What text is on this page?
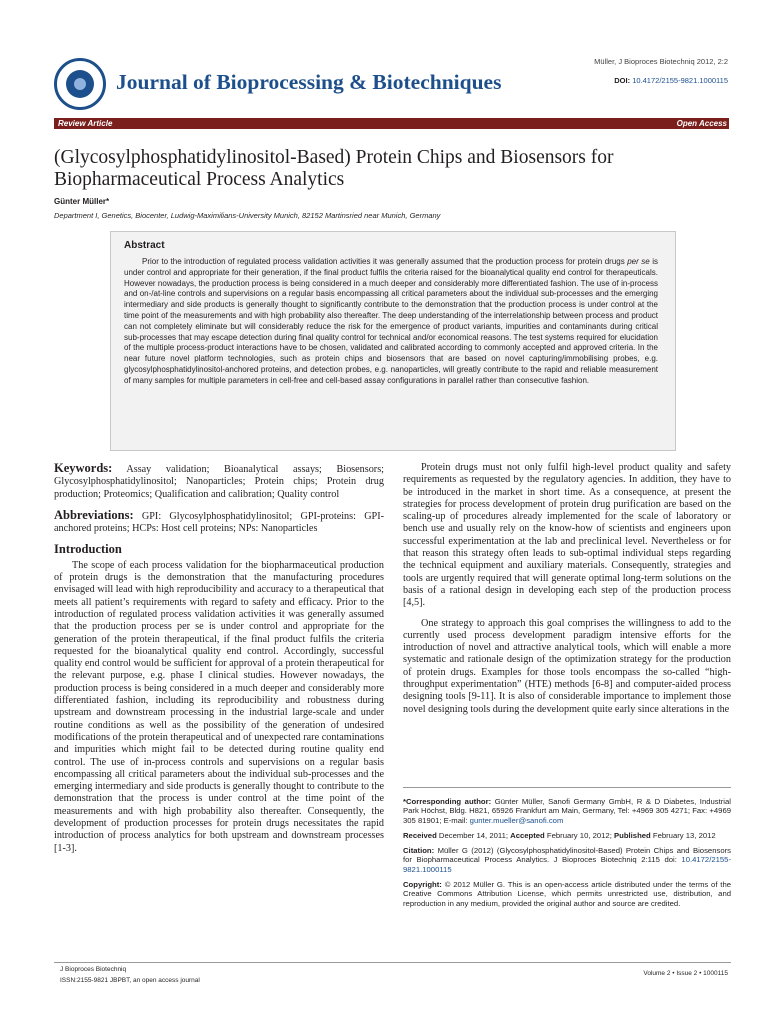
Journal of Bioprocessing & Biotechniques
Müller, J Bioproces Biotechniq 2012, 2:2
DOI: 10.4172/2155-9821.1000115
Review Article	Open Access
(Glycosylphosphatidylinositol-Based) Protein Chips and Biosensors for Biopharmaceutical Process Analytics
Günter Müller*
Department I, Genetics, Biocenter, Ludwig-Maximilians-University Munich, 82152 Martinsried near Munich, Germany
Abstract

Prior to the introduction of regulated process validation activities it was generally assumed that the production process for protein drugs per se is under control and appropriate for their generation, if the final product fulfils the criteria raised for the bioanalytical quality end control for therapeuticals. However nowadays, the production process is being considered in a much deeper and considerably more differentiated fashion. The use of in-process and on-/at-line controls and supervisions on a regular basis encompassing all critical parameters about the individual sub-processes and the emerging intermediary and side products is generally thought to significantly contribute to the demonstration that the production process is under control at the time point of the measurements and with high probability also thereafter. The deep understanding of the interrelationship between process and product can not completely eliminate but will considerably reduce the risk for the emergence of product variants, impurities and contaminants during critical sub-processes that may escape detection during final quality control for technical and/or economical reasons. The test systems required for elucidation of the multiple process-product interactions have to be chosen, validated and calibrated according to commonly accepted and approved criteria. In the near future novel platform technologies, such as protein chips and biosensors that are based on novel capturing/immobilising probes, e.g. glycosylphosphatidylinositol-anchored proteins, and detection probes, e.g. nanoparticles, will greatly contribute to the rapid and reliable measurement of many samples for multiple parameters in cell-free and cell-based assay configurations in parallel rather than consecutive fashion.

Keywords: Assay validation; Bioanalytical assays; Biosensors; Glycosylphosphatidylinositol; Nanoparticles; Protein chips; Protein drug production; Proteomics; Qualification and calibration; Quality control

Abbreviations: GPI: Glycosylphosphatidylinositol; GPI-proteins: GPI-anchored proteins; HCPs: Host cell proteins; NPs: Nanoparticles

Introduction

The scope of each process validation for the biopharmaceutical production of protein drugs is the demonstration that the manufacturing procedures envisaged will lead with high reproducibility and accuracy to a therapeutical that meets all patient’s requirements with regard to safety and efficacy. Prior to the introduction of regulated process validation activities it was generally assumed that the production process per se is under control and appropriate for the generation of the protein therapeutical, if the final product fulfils the criteria requested for the bioanalytical quality end control. Accordingly, successful quality end control would be sufficient for approval of a protein therapeutical for the relevant purpose, e.g. phase I clinical studies. However nowadays, the production process is being considered in a much deeper and considerably more differentiated fashion, including its reproducibility and robustness during upstream and downstream processing in the industrial large-scale and under routine conditions as well as the possibility of the generation of undesired modifications of the protein therapeutical and of unexpected rare contaminations and impurities which might fail to be detected during routine quality end control. The use of in-process controls and supervisions on a regular basis encompassing all critical parameters about the individual sub-processes and the emerging intermediary and side products is generally thought to contribute to the demonstration that the process is under control at the time point of the measurements and with high probability also thereafter. Consequently, the development of production processes for protein drugs necessitates the rapid introduction of process analytics for both upstream and downstream processes [1-3].

Protein drugs must not only fulfil high-level product quality and safety requirements as requested by the regulatory agencies. In addition, they have to be introduced in the market in short time. As a consequence, at present the strategies for process development of protein drug purification are based on the scaling-up of procedures already implemented for the scale of laboratory or bench use and usually rely on the know-how of scientists and engineers upon successful experimentation at the lab and preclinical level. Nevertheless or for that reason this strategy often leads to sub-optimal individual steps regarding the technical equipment and auxiliary materials. Consequently, strategies and tools are urgently required that will generate optimal long-term solutions on the basis of a rational design in developing each step of the production process [4,5].

One strategy to approach this goal comprises the willingness to add to the currently used process development paradigm intensive efforts for the introduction of novel and attractive analytical tools, which will enable a more systematic and rationale design of the optimization strategy for the production of protein drugs. Examples for those tools encompass the so-called “high-throughput experimentation” (HTE) methods [6-8] and computer-aided process designing tools [9-11]. It is also of considerable importance to implement those novel designing tools during the development quite early since alterations in the

*Corresponding author: Günter Müller, Sanofi Germany GmbH, R & D Diabetes, Industrial Park Höchst, Bldg. H821, 65926 Frankfurt am Main, Germany, Tel: +4969 305 4271; Fax: +4969 305 81901; E-mail: gunter.mueller@sanofi.com

Received December 14, 2011; Accepted February 10, 2012; Published February 13, 2012

Citation: Müller G (2012) (Glycosylphosphatidylinositol-Based) Protein Chips and Biosensors for Biopharmaceutical Process Analytics. J Bioproces Biotechniq 2:115 doi: 10.4172/2155-9821.1000115

Copyright: © 2012 Müller G. This is an open-access article distributed under the terms of the Creative Commons Attribution License, which permits unrestricted use, distribution, and reproduction in any medium, provided the original author and source are credited.

J Bioproces Biotechniq
ISSN:2155-9821 JBPBT, an open access journal
Volume 2 • Issue 2 • 1000115
